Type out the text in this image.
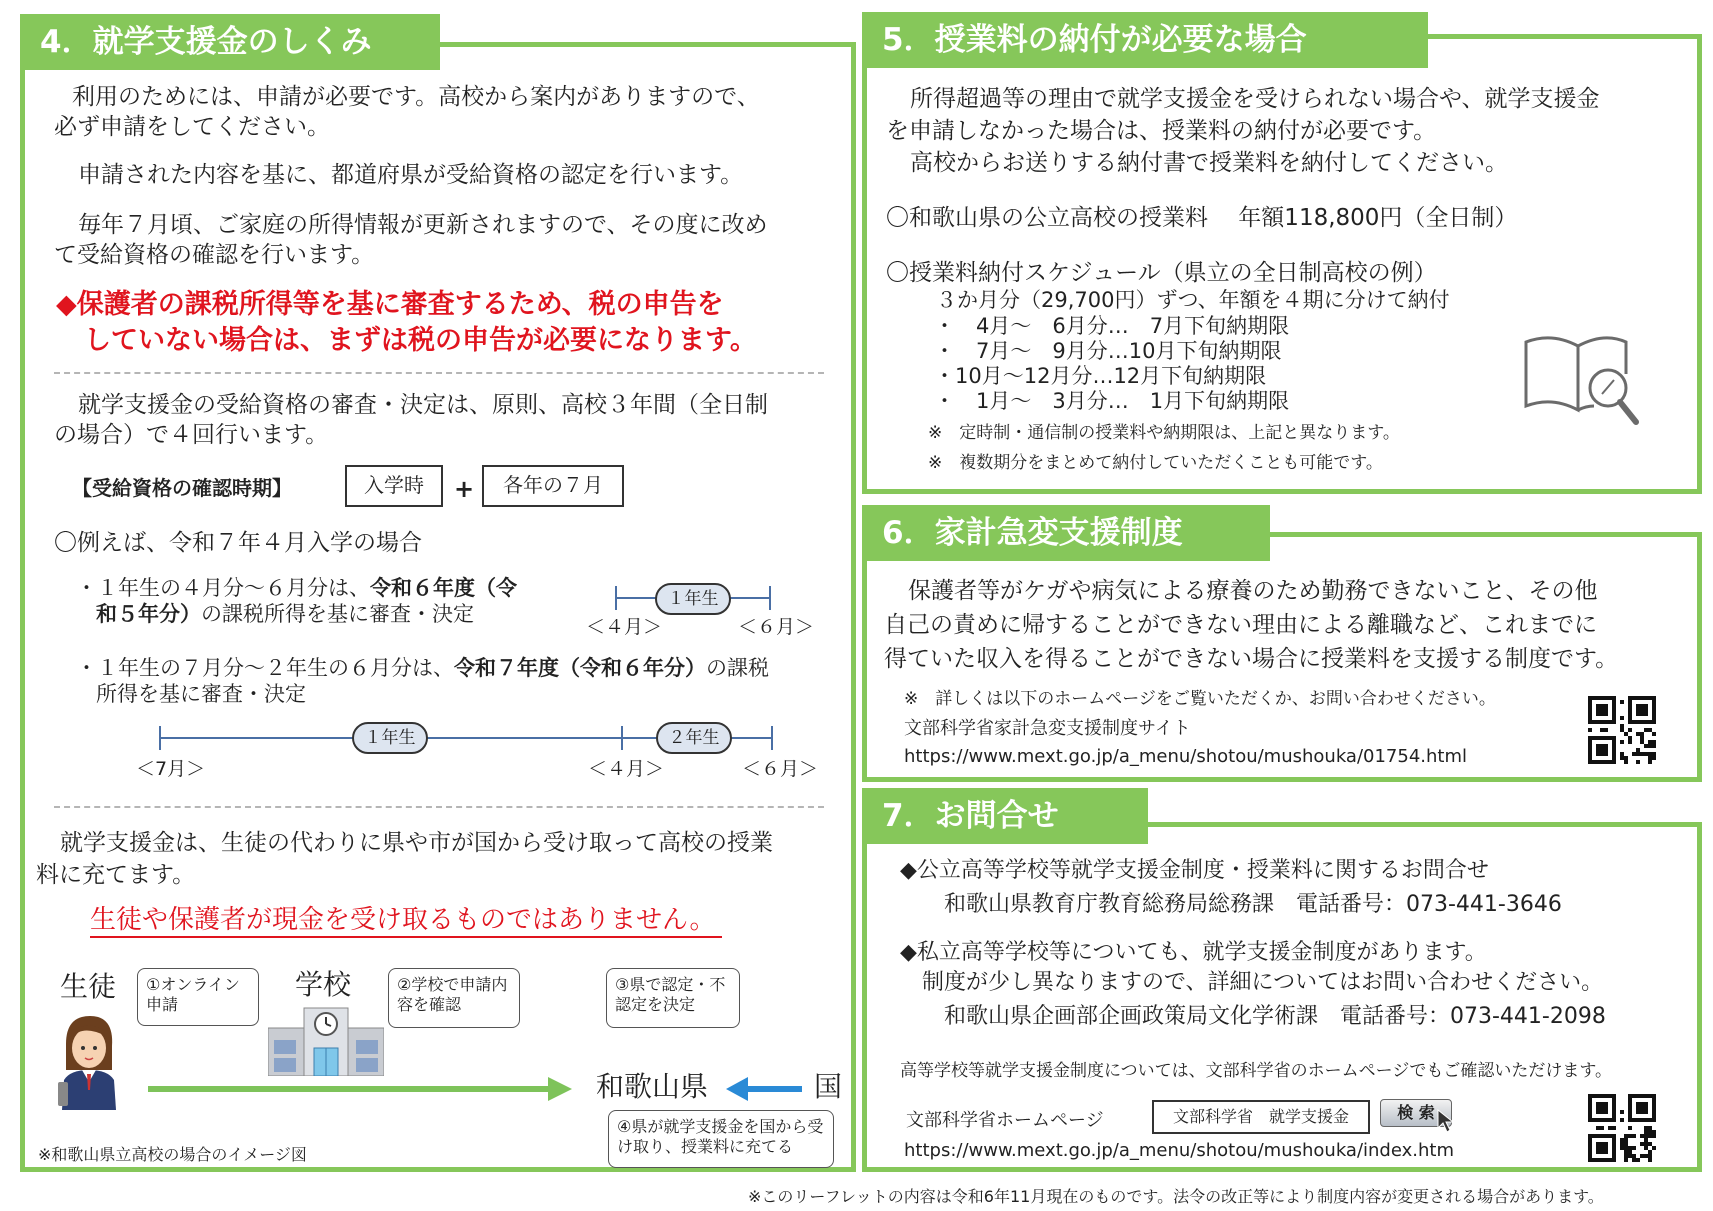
4．就学支援金のしくみ
利用のためには、申請が必要です。高校から案内がありますので、
必ず申請をしてください。
申請された内容を基に、都道府県が受給資格の認定を行います。
毎年７月頃、ご家庭の所得情報が更新されますので、その度に改め
て受給資格の確認を行います。
◆保護者の課税所得等を基に審査するため、税の申告を
していない場合は、まずは税の申告が必要になります。
就学支援金の受給資格の審査・決定は、原則、高校３年間（全日制
の場合）で４回行います。
【受給資格の確認時期】	入学時	+	各年の７月
〇例えば、令和７年４月入学の場合
・１年生の４月分～６月分は、令和６年度（令
和５年分）の課税所得を基に審査・決定
１年生
＜４月＞	＜６月＞
・１年生の７月分～２年生の６月分は、令和７年度（令和６年分）の課税
所得を基に審査・決定
１年生	２年生
＜7月＞	＜４月＞	＜６月＞
就学支援金は、生徒の代わりに県や市が国から受け取って高校の授業
料に充てます。
生徒や保護者が現金を受け取るものではありません。
生徒	①オンライン申請
学校	②学校で申請内容を確認
③県で認定・不認定を決定
和歌山県	国
④県が就学支援金を国から受け取り、授業料に充てる
※和歌山県立高校の場合のイメージ図
5．授業料の納付が必要な場合
所得超過等の理由で就学支援金を受けられない場合や、就学支援金
を申請しなかった場合は、授業料の納付が必要です。
高校からお送りする納付書で授業料を納付してください。
〇和歌山県の公立高校の授業料　 年額118,800円（全日制）
〇授業料納付スケジュール（県立の全日制高校の例）
３か月分（29,700円）ずつ、年額を４期に分けて納付
・　4月～　6月分…　7月下旬納期限
・　7月～　9月分…10月下旬納期限
・10月～12月分…12月下旬納期限
・　1月～　3月分…　1月下旬納期限
※　定時制・通信制の授業料や納期限は、上記と異なります。
※　複数期分をまとめて納付していただくことも可能です。
6．家計急変支援制度
保護者等がケガや病気による療養のため勤務できないこと、その他
自己の責めに帰することができない理由による離職など、これまでに
得ていた収入を得ることができない場合に授業料を支援する制度です。
※　詳しくは以下のホームページをご覧いただくか、お問い合わせください。
文部科学省家計急変支援制度サイト
https://www.mext.go.jp/a_menu/shotou/mushouka/01754.html
7．お問合せ
◆公立高等学校等就学支援金制度・授業料に関するお問合せ
和歌山県教育庁教育総務局総務課　電話番号：073-441-3646
◆私立高等学校等についても、就学支援金制度があります。
制度が少し異なりますので、詳細についてはお問い合わせください。
和歌山県企画部企画政策局文化学術課　電話番号：073-441-2098
高等学校等就学支援金制度については、文部科学省のホームページでもご確認いただけます。
文部科学省ホームページ	文部科学省　就学支援金	検 索
https://www.mext.go.jp/a_menu/shotou/mushouka/index.htm
※このリーフレットの内容は令和6年11月現在のものです。法令の改正等により制度内容が変更される場合があります。
